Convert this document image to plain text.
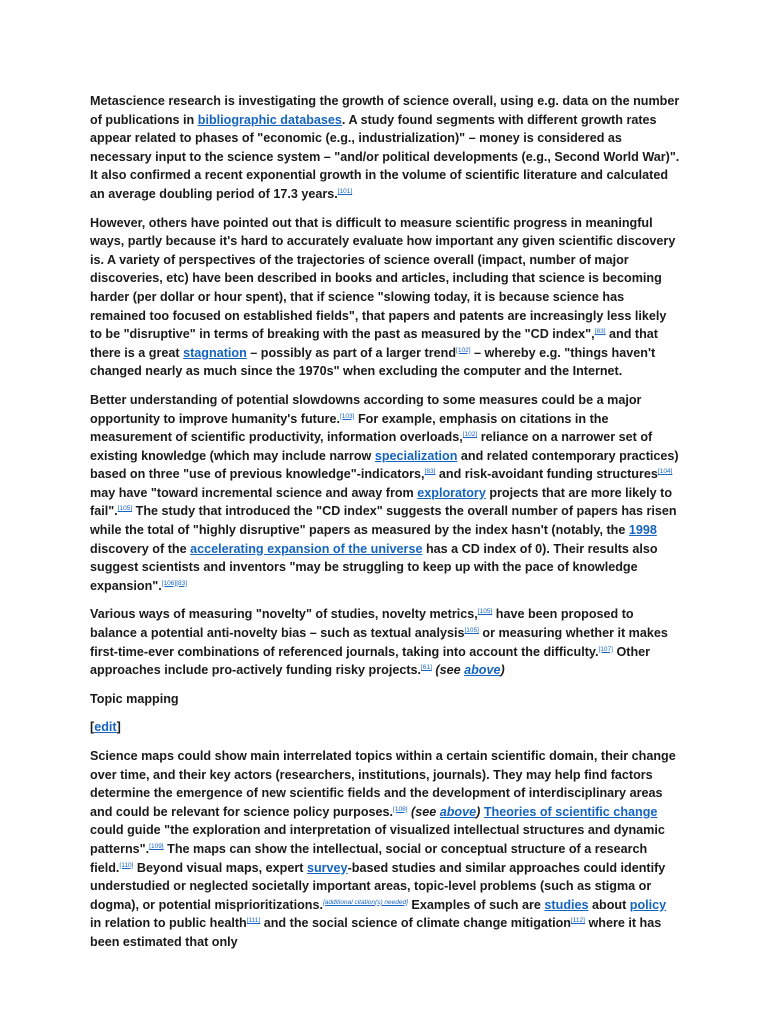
Metascience research is investigating the growth of science overall, using e.g. data on the number of publications in bibliographic databases. A study found segments with different growth rates appear related to phases of "economic (e.g., industrialization)" – money is considered as necessary input to the science system – "and/or political developments (e.g., Second World War)". It also confirmed a recent exponential growth in the volume of scientific literature and calculated an average doubling period of 17.3 years.[101]

However, others have pointed out that is difficult to measure scientific progress in meaningful ways, partly because it's hard to accurately evaluate how important any given scientific discovery is. A variety of perspectives of the trajectories of science overall (impact, number of major discoveries, etc) have been described in books and articles, including that science is becoming harder (per dollar or hour spent), that if science "slowing today, it is because science has remained too focused on established fields", that papers and patents are increasingly less likely to be "disruptive" in terms of breaking with the past as measured by the "CD index",[83] and that there is a great stagnation – possibly as part of a larger trend[102] – whereby e.g. "things haven't changed nearly as much since the 1970s" when excluding the computer and the Internet.

Better understanding of potential slowdowns according to some measures could be a major opportunity to improve humanity's future.[103] For example, emphasis on citations in the measurement of scientific productivity, information overloads,[102] reliance on a narrower set of existing knowledge (which may include narrow specialization and related contemporary practices) based on three "use of previous knowledge"-indicators,[83] and risk-avoidant funding structures[104] may have "toward incremental science and away from exploratory projects that are more likely to fail".[105] The study that introduced the "CD index" suggests the overall number of papers has risen while the total of "highly disruptive" papers as measured by the index hasn't (notably, the 1998 discovery of the accelerating expansion of the universe has a CD index of 0). Their results also suggest scientists and inventors "may be struggling to keep up with the pace of knowledge expansion".[106][83]

Various ways of measuring "novelty" of studies, novelty metrics,[105] have been proposed to balance a potential anti-novelty bias – such as textual analysis[105] or measuring whether it makes first-time-ever combinations of referenced journals, taking into account the difficulty.[107] Other approaches include pro-actively funding risky projects.[61] (see above)

Topic mapping

[edit]

Science maps could show main interrelated topics within a certain scientific domain, their change over time, and their key actors (researchers, institutions, journals). They may help find factors determine the emergence of new scientific fields and the development of interdisciplinary areas and could be relevant for science policy purposes.[108] (see above) Theories of scientific change could guide "the exploration and interpretation of visualized intellectual structures and dynamic patterns".[109] The maps can show the intellectual, social or conceptual structure of a research field.[110] Beyond visual maps, expert survey-based studies and similar approaches could identify understudied or neglected societally important areas, topic-level problems (such as stigma or dogma), or potential misprioritizations.[additional citation(s) needed] Examples of such are studies about policy in relation to public health[111] and the social science of climate change mitigation[112] where it has been estimated that only
